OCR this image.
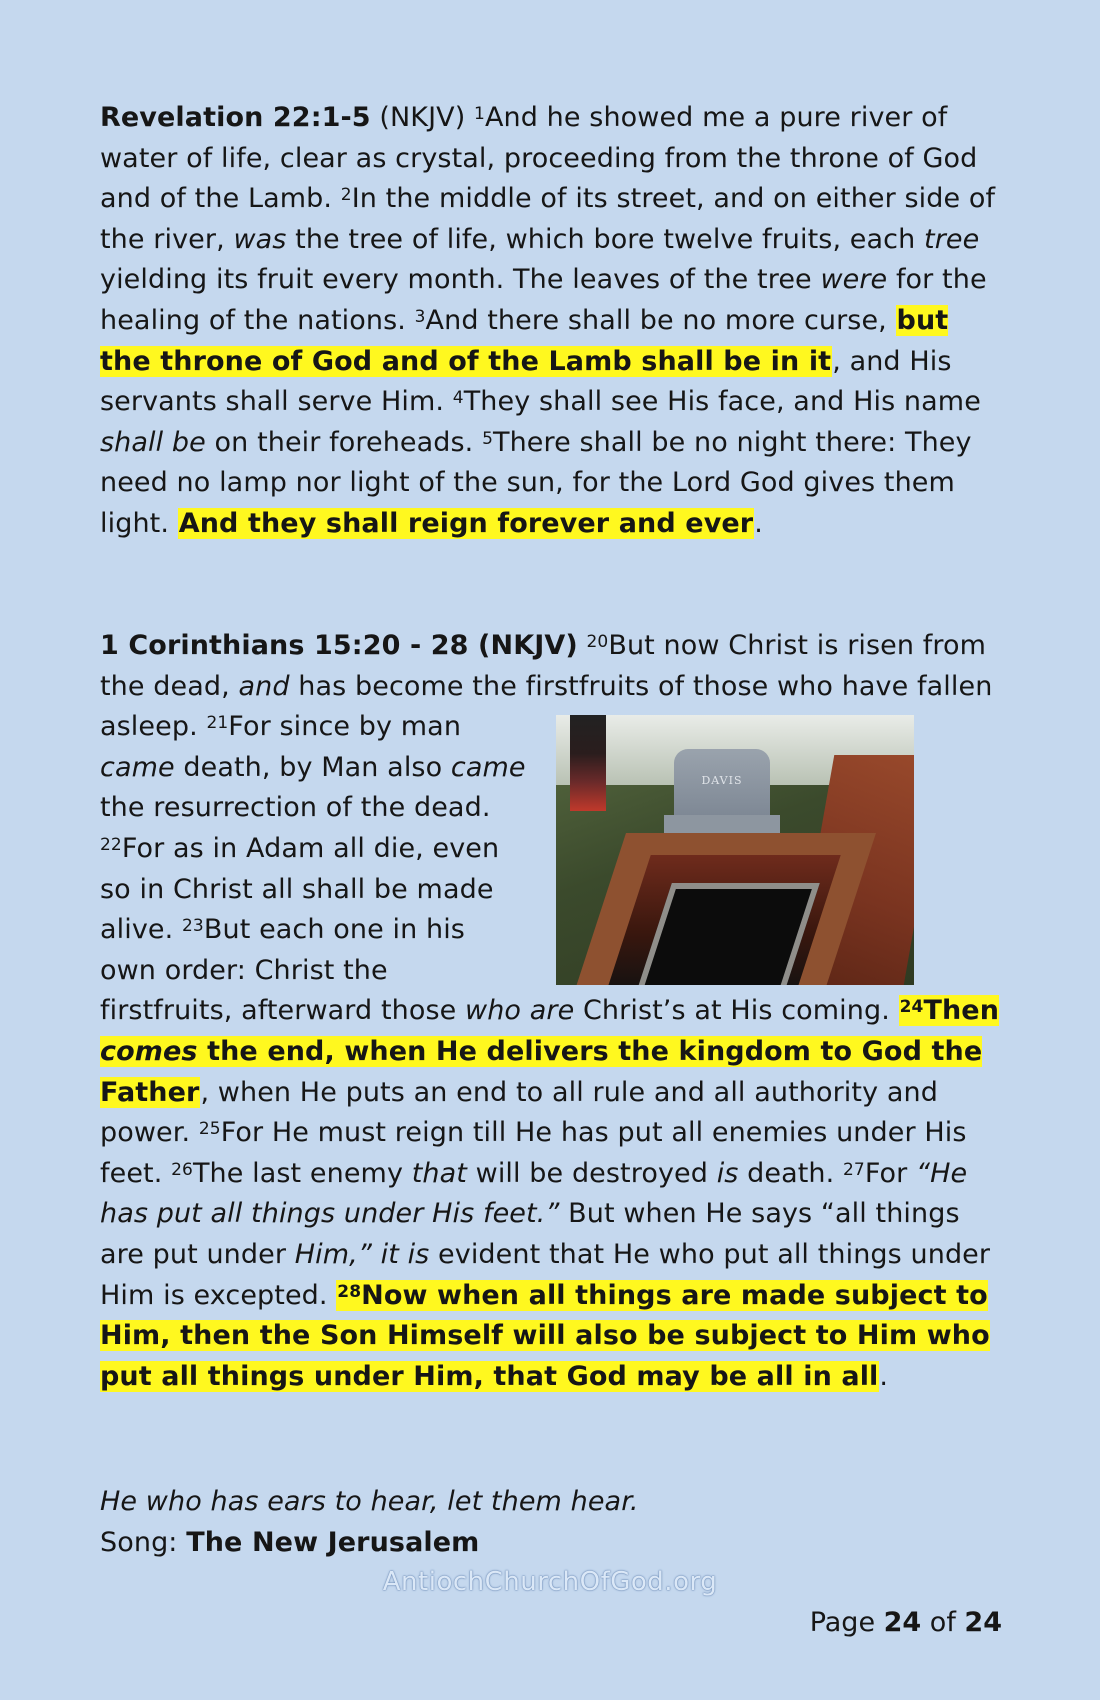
Revelation 22:1-5 (NKJV) $^1$And he showed me a pure river of water of life, clear as crystal, proceeding from the throne of God and of the Lamb. $^2$In the middle of its street, and on either side of the river, was the tree of life, which bore twelve fruits, each tree yielding its fruit every month. The leaves of the tree were for the healing of the nations. $^3$And there shall be no more curse, but the throne of God and of the Lamb shall be in it, and His servants shall serve Him. $^4$They shall see His face, and His name shall be on their foreheads. $^5$There shall be no night there: They need no lamp nor light of the sun, for the Lord God gives them light. And they shall reign forever and ever.

1 Corinthians 15:20 - 28 (NKJV) $^{20}$But now Christ is risen from the dead, and has become the firstfruits of those who have fallen asleep.
DAVIS
$^{21}$For since by man came death, by Man also came the resurrection of the dead. $^{22}$For as in Adam all die, even so in Christ all shall be made alive. $^{23}$But each one in his own order: Christ the firstfruits, afterward those who are Christ’s at His coming. $^{24}$Then comes the end, when He delivers the kingdom to God the Father, when He puts an end to all rule and all authority and power. $^{25}$For He must reign till He has put all enemies under His feet. $^{26}$The last enemy that will be destroyed is death. $^{27}$For “He has put all things under His feet.” But when He says “all things are put under Him,” it is evident that He who put all things under Him is excepted. $^{28}$Now when all things are made subject to Him, then the Son Himself will also be subject to Him who put all things under Him, that God may be all in all.

He who has ears to hear, let them hear.
Song: The New Jerusalem
AntiochChurchOfGod.org
Page 24 of 24
